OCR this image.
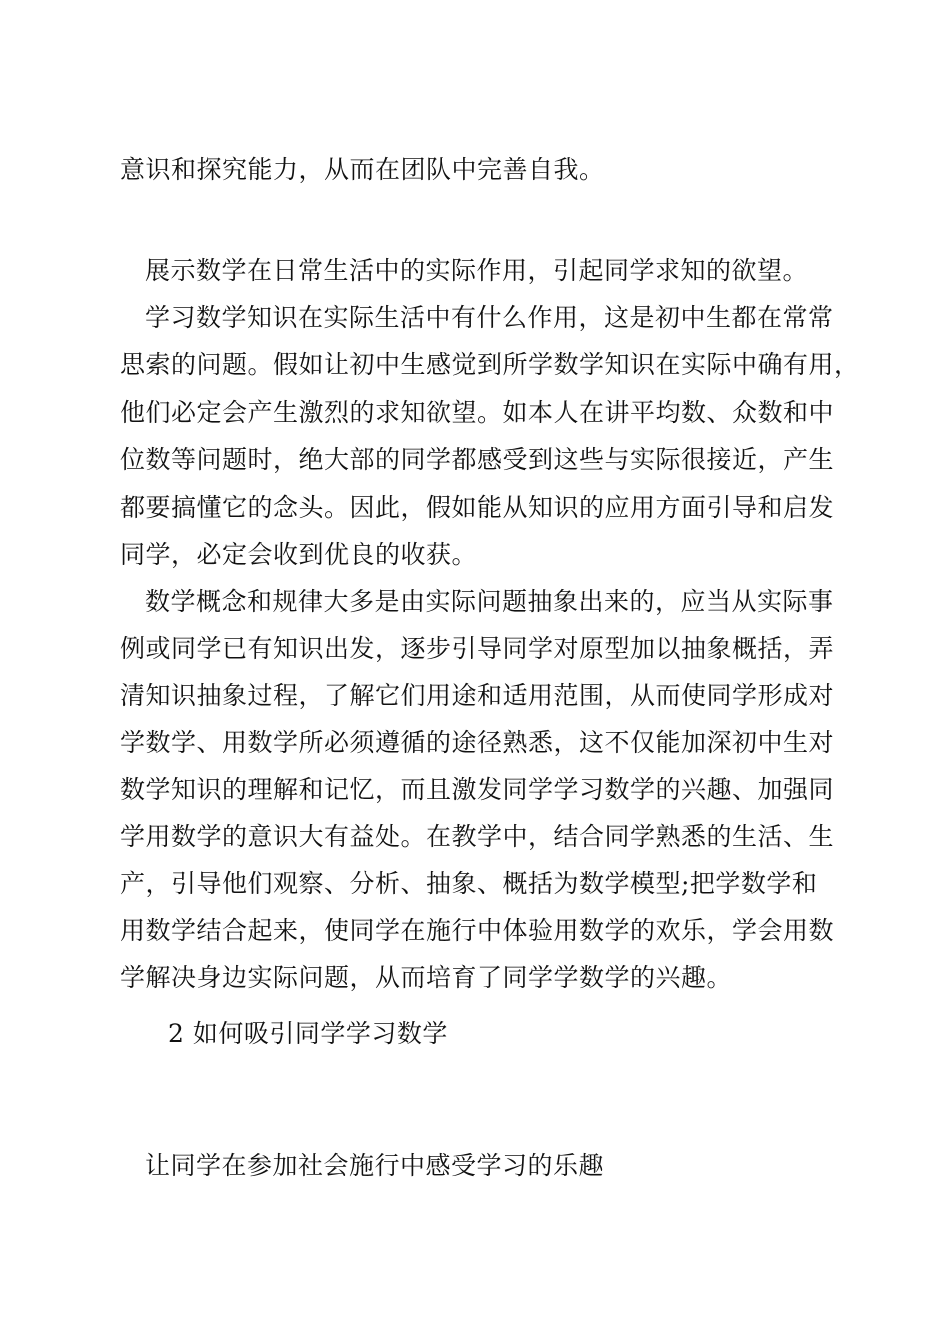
意识和探究能力，从而在团队中完善自我。
展示数学在日常生活中的实际作用，引起同学求知的欲望。
学习数学知识在实际生活中有什么作用，这是初中生都在常常
思索的问题。假如让初中生感觉到所学数学知识在实际中确有用，
他们必定会产生激烈的求知欲望。如本人在讲平均数、众数和中
位数等问题时，绝大部的同学都感受到这些与实际很接近，产生
都要搞懂它的念头。因此，假如能从知识的应用方面引导和启发
同学，必定会收到优良的收获。
数学概念和规律大多是由实际问题抽象出来的，应当从实际事
例或同学已有知识出发，逐步引导同学对原型加以抽象概括，弄
清知识抽象过程，了解它们用途和适用范围，从而使同学形成对
学数学、用数学所必须遵循的途径熟悉，这不仅能加深初中生对
数学知识的理解和记忆，而且激发同学学习数学的兴趣、加强同
学用数学的意识大有益处。在教学中，结合同学熟悉的生活、生
产，引导他们观察、分析、抽象、概括为数学模型;把学数学和
用数学结合起来，使同学在施行中体验用数学的欢乐，学会用数
学解决身边实际问题，从而培育了同学学数学的兴趣。
2 如何吸引同学学习数学
让同学在参加社会施行中感受学习的乐趣
